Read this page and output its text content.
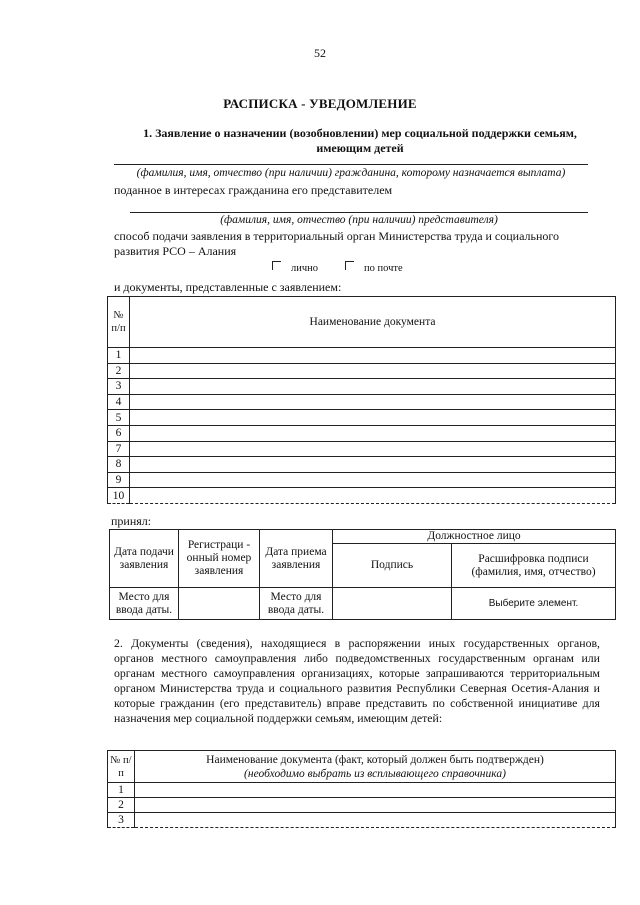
52
РАСПИСКА - УВЕДОМЛЕНИЕ
1. Заявление о назначении (возобновлении) мер социальной поддержки семьям, имеющим детей
(фамилия, имя, отчество (при наличии) гражданина, которому назначается выплата)
поданное в интересах гражданина его представителем
(фамилия, имя, отчество (при наличии) представителя)
способ подачи заявления в территориальный орган Министерства труда и социального развития РСО – Алания
лично	по почте
и документы, представленные с заявлением:
№ п/п	Наименование документа
1	
2	
3	
4	
5	
6	
7	
8	
9	
10	
принял:
Дата подачи заявления	Регистраци - онный номер заявления	Дата приема заявления	Должностное лицо	
			Подпись	Расшифровка подписи (фамилия, имя, отчество)
Место для ввода даты.		Место для ввода даты.		Выберите элемент.
2. Документы (сведения), находящиеся в распоряжении иных государственных органов, органов местного самоуправления либо подведомственных государственным органам или органам местного самоуправления организациях, которые запрашиваются территориальным органом Министерства труда и социального развития Республики Северная Осетия-Алания и которые гражданин (его представитель) вправе представить по собственной инициативе для назначения мер социальной поддержки семьям, имеющим детей:
№ п/п	Наименование документа (факт, который должен быть подтвержден)
(необходимо выбрать из всплывающего справочника)

1	
2	
3	
